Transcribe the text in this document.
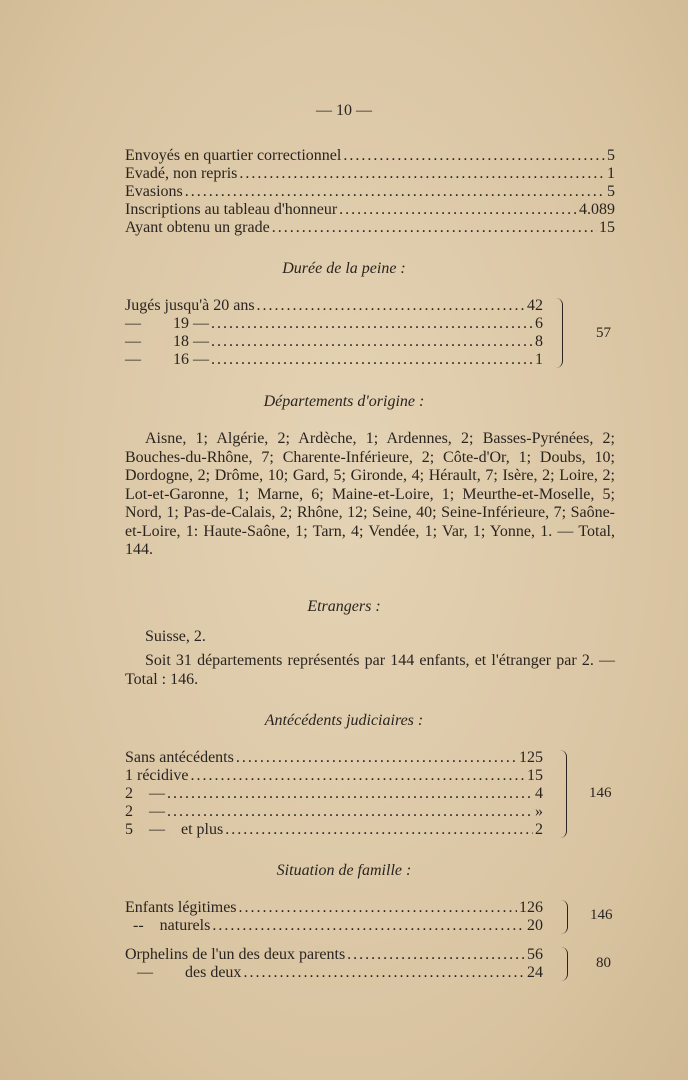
— 10 —
Envoyés en quartier correctionnel . . .	5
Evadé, non repris . . .	1
Evasions . . .	5
Inscriptions au tableau d'honneur . . .	4.089
Ayant obtenu un grade . . .	15
Durée de la peine :
Jugés jusqu'à 20 ans . . .	42
—        19 — . . .	6
—        18 — . . .	8
—        16 — . . .	1
57
Départements d'origine :

Aisne, 1; Algérie, 2; Ardèche, 1; Ardennes, 2; Basses-Pyrénées, 2; Bouches-du-Rhône, 7; Charente-Inférieure, 2; Côte-d'Or, 1; Doubs, 10; Dordogne, 2; Drôme, 10; Gard, 5; Gironde, 4; Hérault, 7; Isère, 2; Loire, 2; Lot-et-Garonne, 1; Marne, 6; Maine-et-Loire, 1; Meurthe-et-Moselle, 5; Nord, 1; Pas-de-Calais, 2; Rhône, 12; Seine, 40; Seine-Inférieure, 7; Saône-et-Loire, 1: Haute-Saône, 1; Tarn, 4; Vendée, 1; Var, 1; Yonne, 1. — Total, 144.

Etrangers :

Suisse, 2.

Soit 31 départements représentés par 144 enfants, et l'étranger par 2. — Total : 146.

Antécédents judiciaires :
Sans antécédents . . .	125
1 récidive . . .	15
2    — . . .	4
2    — . . .	»
5    —    et plus . . .	2
146
Situation de famille :
Enfants légitimes . . .	126
--    naturels . . .	20
146
Orphelins de l'un des deux parents . . .	56
—        des deux . . .	24
80
